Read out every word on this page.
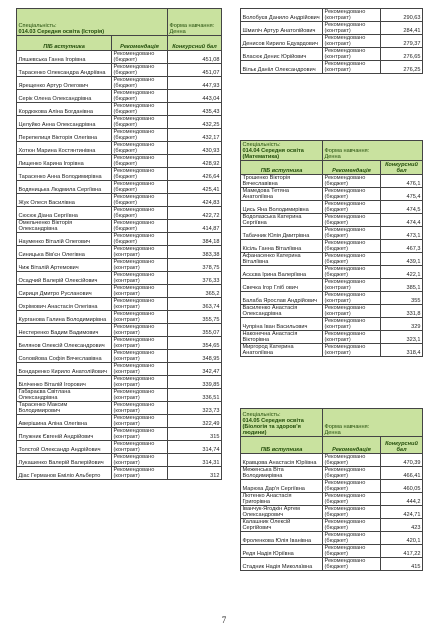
Спеціальність:
014.03 Середня освіта (Історія)		Форма навчання:
Денна
ПІБ вступника	Рекомендація	Конкурсний бал
Ляшевська Ганна Ігорівна	Рекомендовано (бюджет)	451,08
Тарасенко Олександра Андріївна	Рекомендовано (бюджет)	451,07
Ярещенко Артур Олегович	Рекомендовано (бюджет)	447,93
Серік Олена Олександрівна	Рекомендовано (бюджет)	443,04
Кордюкова Аліна Богданівна	Рекомендовано (бюджет)	435,43
Целуйко Анна Олександрівна	Рекомендовано (бюджет)	432,25
Перепелиця Вікторія Олегівна	Рекомендовано (бюджет)	432,17
Хотюн Марина Костянтинівна	Рекомендовано (бюджет)	430,93
Лищенко Карина Ігорівна	Рекомендовано (бюджет)	428,92
Тарасенко Анна Володимирівна	Рекомендовано (бюджет)	426,64
Водяницька Людмила Сергіївна	Рекомендовано (бюджет)	425,41
Жук Олеся Василівна	Рекомендовано (бюджет)	424,83
Сюсюк Діана Сергіївна	Рекомендовано (бюджет)	422,72
Омельченко Вікторія Олександрівна	Рекомендовано (бюджет)	414,87
Науменко Віталій Олегович	Рекомендовано (бюджет)	384,18
Синицька Вів'єн Олегівна	Рекомендовано (контракт)	383,38
Чиж Віталій Артемович	Рекомендовано (контракт)	378,75
Осадчий Валерій Олексійович	Рекомендовано (контракт)	376,33
Сириця Дмитро Русланович	Рекомендовано (контракт)	365,2
Охрімович Анастасія Олегівна	Рекомендовано (контракт)	363,74
Курганова Галина Володимирівна	Рекомендовано (контракт)	355,75
Нестеренко Вадим Вадимович	Рекомендовано (контракт)	355,07
Белянов Олексій Олександрович	Рекомендовано (контракт)	354,65
Соловйова Софія Вячеславівна	Рекомендовано (контракт)	348,95
Бондаренко Кирило Анатолійович	Рекомендовано (контракт)	342,47
Біліченко Віталій Ігорович	Рекомендовано (контракт)	339,85
Габараєва Світлана Олександрівна	Рекомендовано (контракт)	336,51
Тарасенко Максим Володимирович	Рекомендовано (контракт)	323,73
Аверішина Аліна Олегівна	Рекомендовано (контракт)	322,49
Плужник Євгеній Андрійович	Рекомендовано (контракт)	315
Толстой Олександр Андрійович	Рекомендовано (контракт)	314,74
Лукашенко Валерій Валерійович	Рекомендовано (контракт)	314,31
Діас Германов Еміліо Альберто	Рекомендовано (контракт)	312
Волобуєв Данило Андрійович	Рекомендовано (контракт)	290,63
Шмиліч Артур Анатолійович	Рекомендовано (контракт)	284,41
Денисов Кирило Едуардович	Рекомендовано (контракт)	279,37
Власюк Денис Юрійович	Рекомендовано (контракт)	276,65
Вільк Данііл Олександрович	Рекомендовано (контракт)	276,25
Спеціальність:
014.04 Середня освіта (Математика)	Форма навчання:
Денна	
ПІБ вступника	Рекомендація	Конкурсний бал
Трошенко Вікторія Вячеславівна	Рекомендовано (бюджет)	476,1
Мамедова Тетяна Анатоліївна	Рекомендовано (бюджет)	475,4
Цись Яна Володимирівна	Рекомендовано (бюджет)	474,5
Водолазська Катерина Сергіївна	Рекомендовано (бюджет)	474,4
Табачник Юлія Дмитрівна	Рекомендовано (бюджет)	473,1
Кісіль Ганна Віталіївна	Рекомендовано (бюджет)	467,3
Афанасенко Катерина Віталіївна	Рекомендовано (бюджет)	439,1
Асєєва Ірина Валеріївна	Рекомендовано (бюджет)	422,1
Свечка Ігор Гліб ович	Рекомендовано (контракт)	385,1
Балаба Ярослав Андрійович	Рекомендовано (контракт)	355
Василенко Анастасія Олександрівна	Рекомендовано (контракт)	331,8
Чупріна Іван Васильович	Рекомендовано (контракт)	329
Наконечна Анастасія Вікторівна	Рекомендовано (контракт)	323,1
Миргород Катерина Анатоліївна	Рекомендовано (контракт)	318,4
Спеціальність:
014.05 Середня освіта (Біологія та здоров'я людини)	Форма навчання:
Денна	
ПІБ вступника	Рекомендація	Конкурсний бал
Кравцова Анастасія Юріївна	Рекомендовано (бюджет)	470,39
Меженська Віта Володимирівна	Рекомендовано (бюджет)	466,41
Марюха Дар'я Сергіївна	Рекомендовано (бюджет)	460,05
Лютенко Анастасія Григорівна	Рекомендовано (бюджет)	444,2
Іванчук-Ягодкін Артем Олександрович	Рекомендовано (бюджет)	424,71
Калашник Олексій Сергійович	Рекомендовано (бюджет)	423
Фроленкова Юлія Іванівна	Рекомендовано (бюджет)	420,1
Редя Надія Юріївна	Рекомендовано (бюджет)	417,22
Стадник Надія Миколаївна	Рекомендовано (бюджет)	415
7
